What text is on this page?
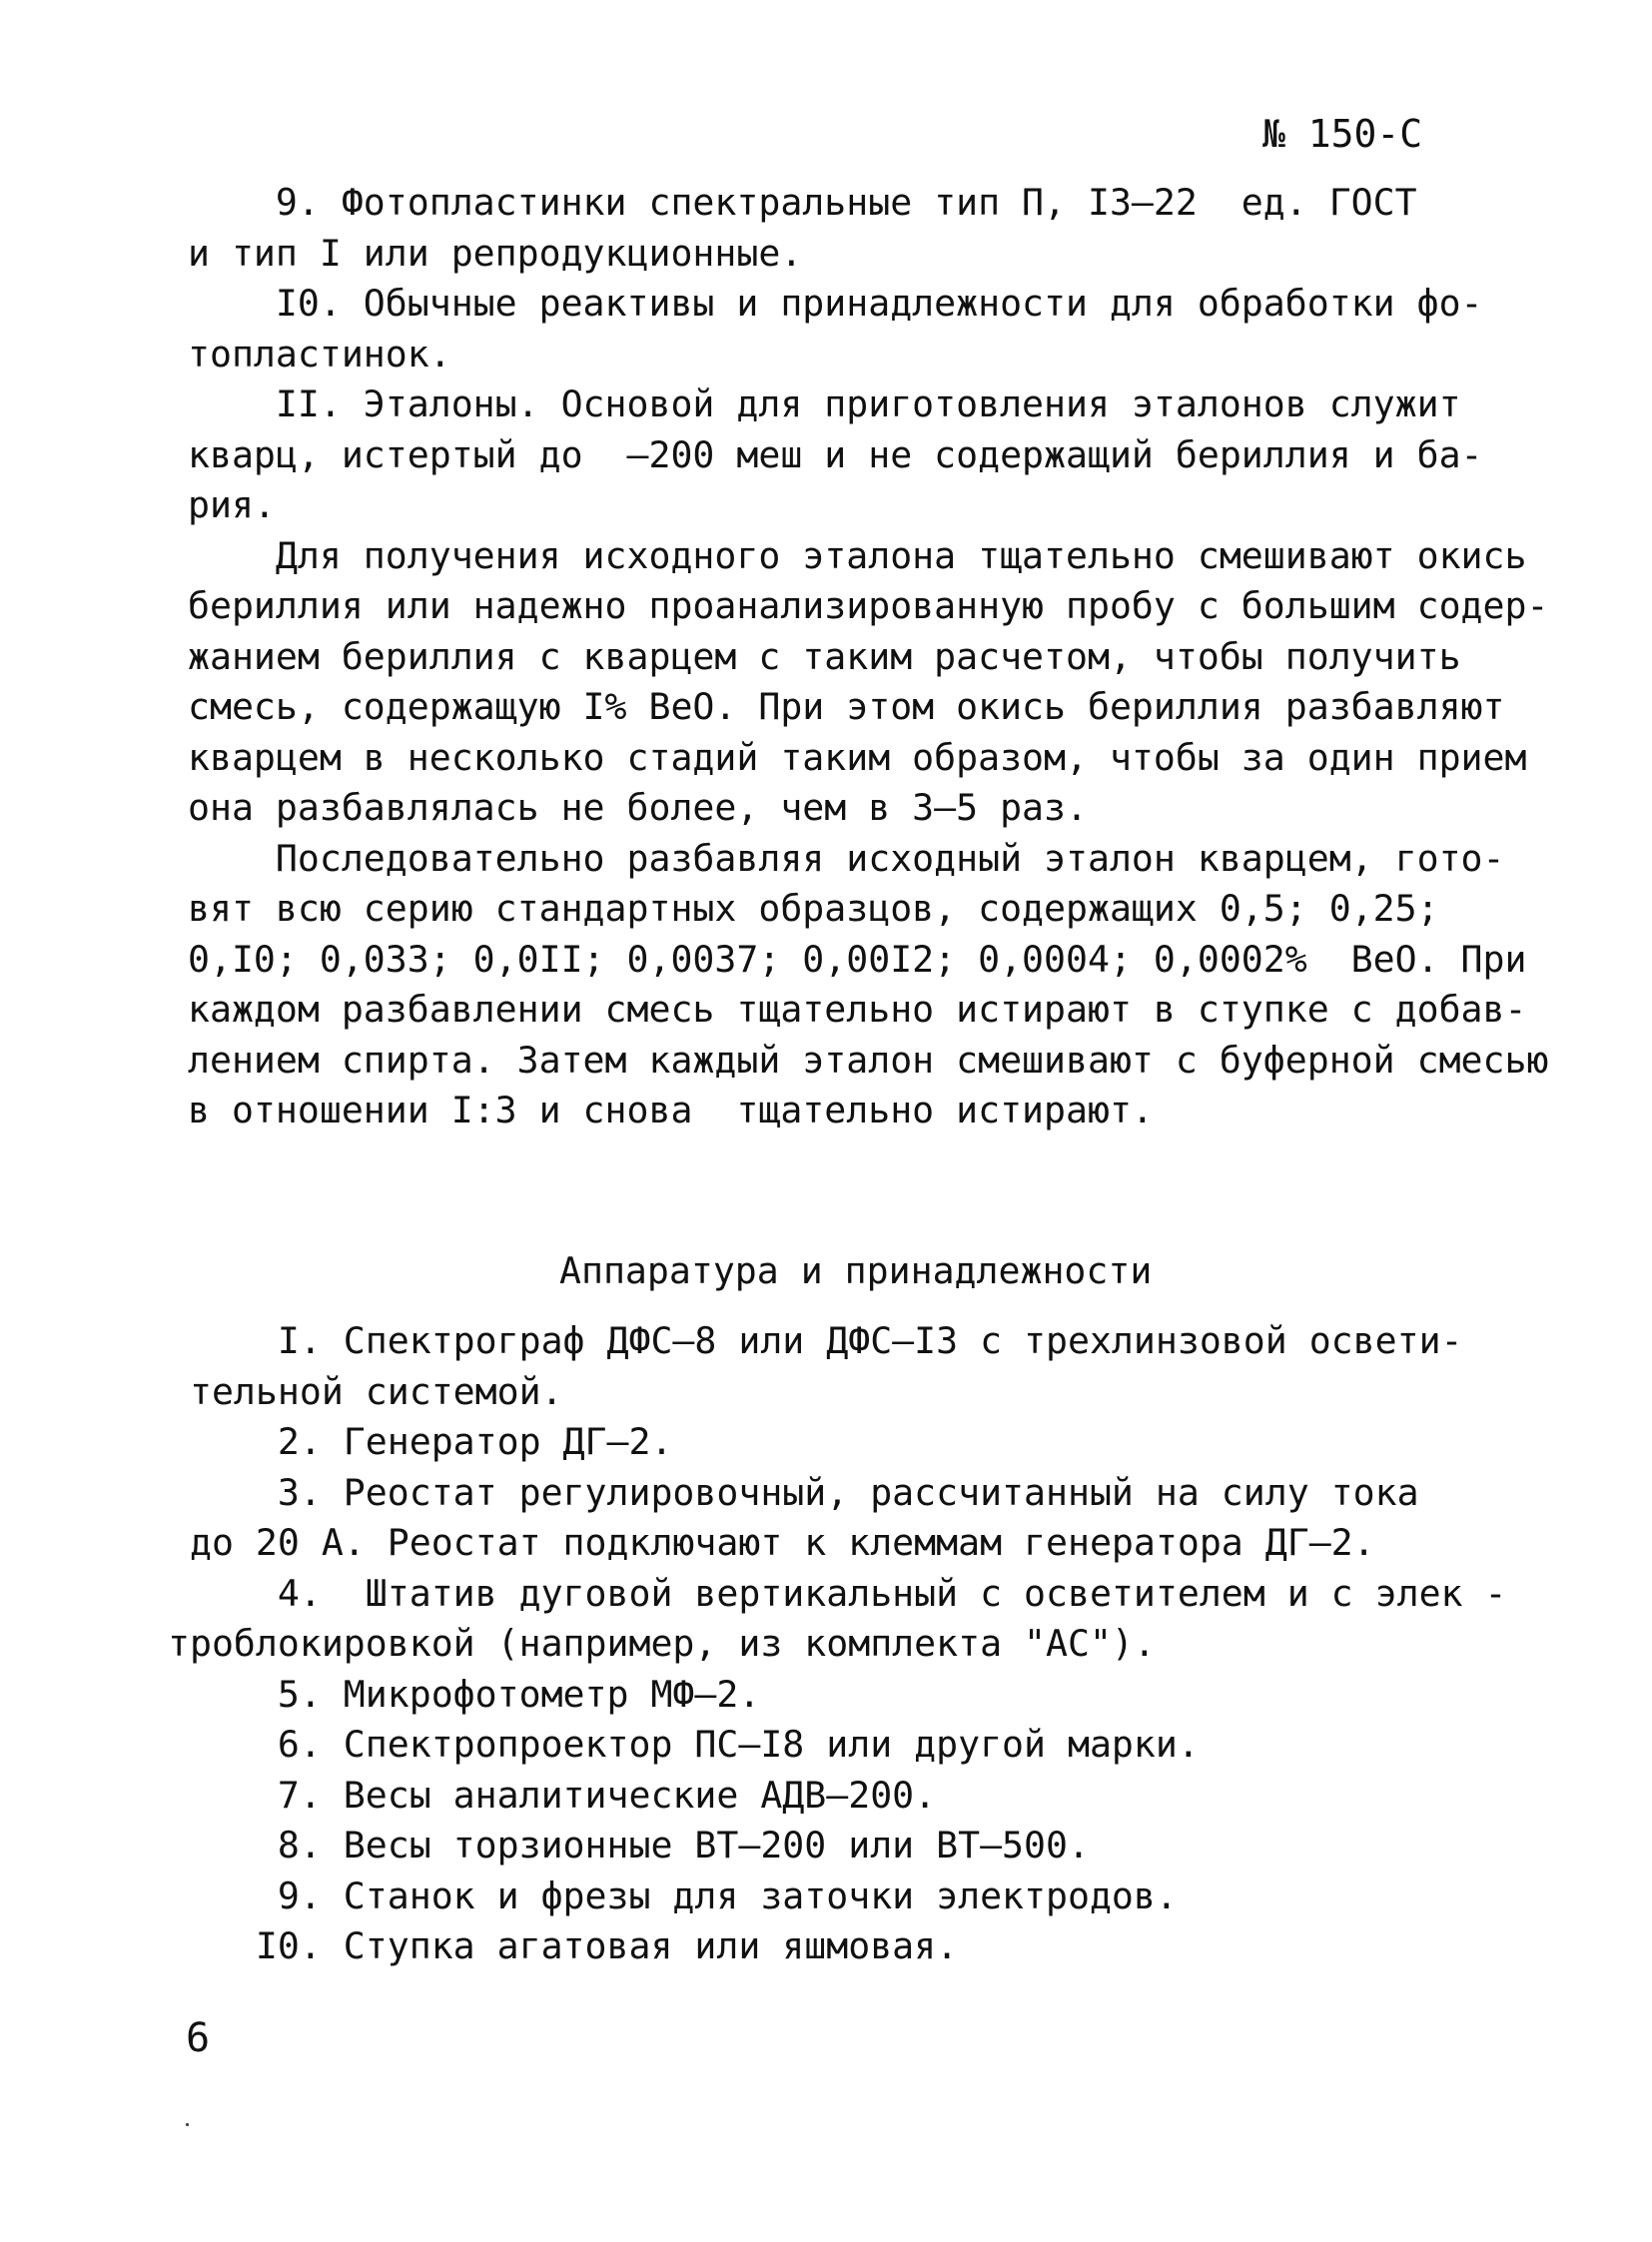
№ 150-С
9. Фотопластинки спектральные тип П, I3–22  ед. ГОСТ
и тип I или репродукционные.
I0. Обычные реактивы и принадлежности для обработки фо-
топластинок.
II. Эталоны. Основой для приготовления эталонов служит
кварц, истертый до  –200 меш и не содержащий бериллия и ба-
рия.
Для получения исходного эталона тщательно смешивают окись
бериллия или надежно проанализированную пробу с большим содер-
жанием бериллия с кварцем с таким расчетом, чтобы получить
смесь, содержащую I% BeO. При этом окись бериллия разбавляют
кварцем в несколько стадий таким образом, чтобы за один прием
она разбавлялась не более, чем в 3–5 раз.
Последовательно разбавляя исходный эталон кварцем, гото-
вят всю серию стандартных образцов, содержащих 0,5; 0,25;
0,I0; 0,033; 0,0II; 0,0037; 0,00I2; 0,0004; 0,0002%  BeO. При
каждом разбавлении смесь тщательно истирают в ступке с добав-
лением спирта. Затем каждый эталон смешивают с буферной смесью
в отношении I:3 и снова  тщательно истирают.
Аппаратура и принадлежности
I. Спектрограф ДФС–8 или ДФС–I3 с трехлинзовой освети-
тельной системой.
2. Генератор ДГ–2.
3. Реостат регулировочный, рассчитанный на силу тока
до 20 А. Реостат подключают к клеммам генератора ДГ–2.
4.  Штатив дуговой вертикальный с осветителем и с элек -
троблокировкой (например, из комплекта "АС").
5. Микрофотометр МФ–2.
6. Спектропроектор ПС–I8 или другой марки.
7. Весы аналитические АДВ–200.
8. Весы торзионные ВТ–200 или ВТ–500.
9. Станок и фрезы для заточки электродов.
I0. Ступка агатовая или яшмовая.
6
